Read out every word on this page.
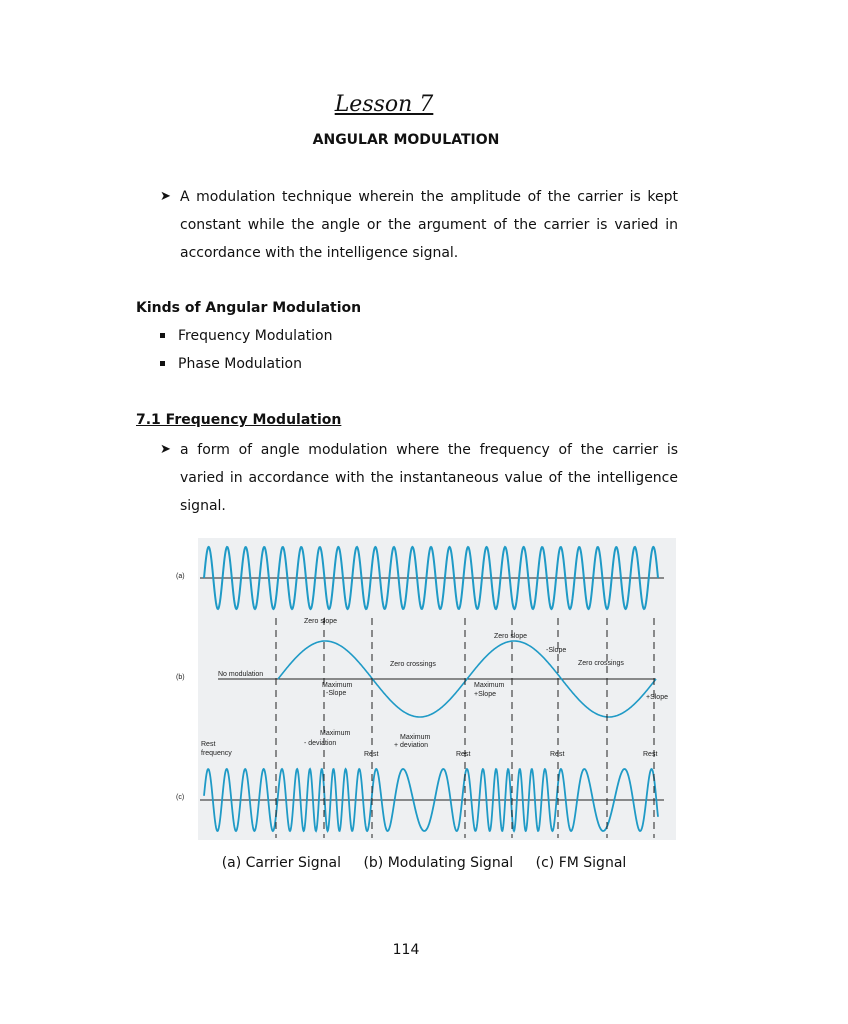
Lesson 7
ANGULAR MODULATION
➤ A modulation technique wherein the amplitude of the carrier is kept constant while the angle or the argument of the carrier is varied in accordance with the intelligence signal.
Kinds of Angular Modulation
Frequency Modulation
Phase Modulation
7.1 Frequency Modulation
➤ a form of angle modulation where the frequency of the carrier is varied in accordance with the instantaneous value of the intelligence signal.
(a)
(b)
(c)
Zero slope
Zero slope
-Slope
Zero crossings	Zero crossings
No modulation
Maximum
-Slope
Maximum
+Slope	+Slope
Maximum
- deviation
Maximum
+ deviation
Rest
frequency	Rest	Rest	Rest	Rest
(a) Carrier Signal (b) Modulating Signal (c) FM Signal
114
